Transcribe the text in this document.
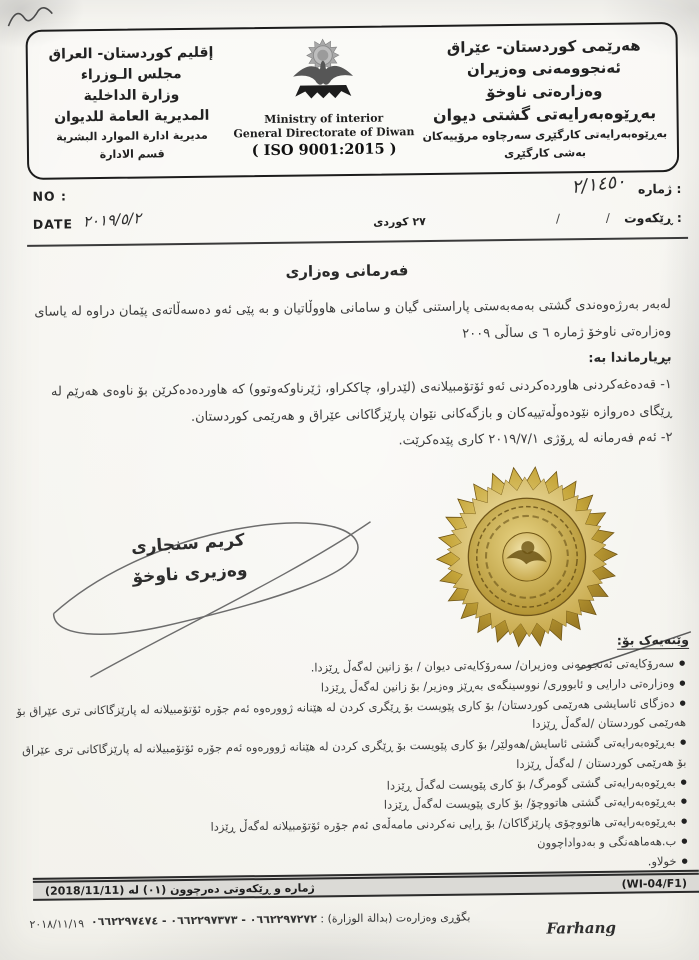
إقليم كوردستان- العراق
مجلس الـوزراء
وزارة الداخلية
المديرية العامة للديوان
مديرية ادارة الموارد البشرية
قسم الادارة
Ministry of interior
General Directorate of Diwan
( ISO 9001:2015 )
هەرێمی کوردستان- عێراق
ئەنجوومەنی وەزیران
وەزارەتی ناوخۆ
بەڕێوەبەرایەتی گشتی دیوان
بەڕێوەبەرایەتی کارگێڕی سەرچاوە مرۆییەکان
بەشی کارگێڕی
NO :
DATE ٢٠١٩/٥/٢
ژمارە :
٢/١٤٥٠
ڕێکەوت :
/            /
٢٧ کوردی
فەرمانی وەزاری
لەبەر بەرژەوەندی گشتی بەمەبەستی پاراستنی گیان و سامانی هاووڵاتیان و بە پێی ئەو دەسەڵاتەی پێمان دراوە لە یاسای وەزارەتی ناوخۆ ژمارە ٦ ی ساڵی ٢٠٠٩
بڕیارماندا بە:
١- قەدەغەکردنی هاوردەکردنی ئەو ئۆتۆمبیلانەی (لێدراو، چاککراو، ژێرناوکەوتوو) کە هاوردەدەکرێن بۆ ناوەی هەرێم لە ڕێگای دەروازە نێودەوڵەتییەکان و بازگەکانی نێوان پارێزگاکانی عێراق و هەرێمی کوردستان.
٢- ئەم فەرمانە لە ڕۆژی ٢٠١٩/٧/١ کاری پێدەکرێت.
کریم سنجاری
وەزیری ناوخۆ
وێنەیەک بۆ:
● سەرۆکایەتی ئەنجومەنی وەزیران/ سەرۆکایەتی دیوان / بۆ زانین لەگەڵ ڕێزدا.
● وەزارەتی دارایی و ئابووری/ نووسینگەی بەڕێز وەزیر/ بۆ زانین لەگەڵ ڕێزدا
● دەزگای ئاسایشی هەرێمی کوردستان/ بۆ کاری پێویست بۆ ڕێگری کردن لە هێنانە ژوورەوە ئەم جۆرە ئۆتۆمبیلانە لە پارێزگاکانی تری عێراق بۆ هەرێمی کوردستان /لەگەڵ ڕێزدا
● بەڕێوەبەرایەتی گشتی ئاسایش/هەولێر/ بۆ کاری پێویست بۆ ڕێگری کردن لە هێنانە ژوورەوە ئەم جۆرە ئۆتۆمبیلانە لە پارێزگاکانی تری عێراق بۆ هەرێمی کوردستان / لەگەڵ ڕێزدا
● بەڕێوەبەرایەتی گشتی گومرگ/ بۆ کاری پێویست لەگەڵ ڕێزدا
● بەڕێوەبەرایەتی گشتی هاتووچۆ/ بۆ کاری پێویست لەگەڵ ڕێزدا
● بەڕێوەبەرایەتی هاتووچۆی پارێزگاکان/ بۆ ڕایی نەکردنی مامەڵەی ئەم جۆرە ئۆتۆمبیلانە لەگەڵ ڕێزدا
● ب.هەماهەنگی و بەدواداچوون
● خولاو.
ژماره و ڕێکەوتی دەرچوون (٠١) لە (2018/11/11)	(WI-04/F1)
٢٠١٨/١١/١٩	بگۆڕی وەزارەت (بدالة الوزارة) : ٠٦٦٢٢٩٧٢٧٢ - ٠٦٦٢٢٩٧٣٧٣ - ٠٦٦٢٢٩٧٤٧٤	Farhang
